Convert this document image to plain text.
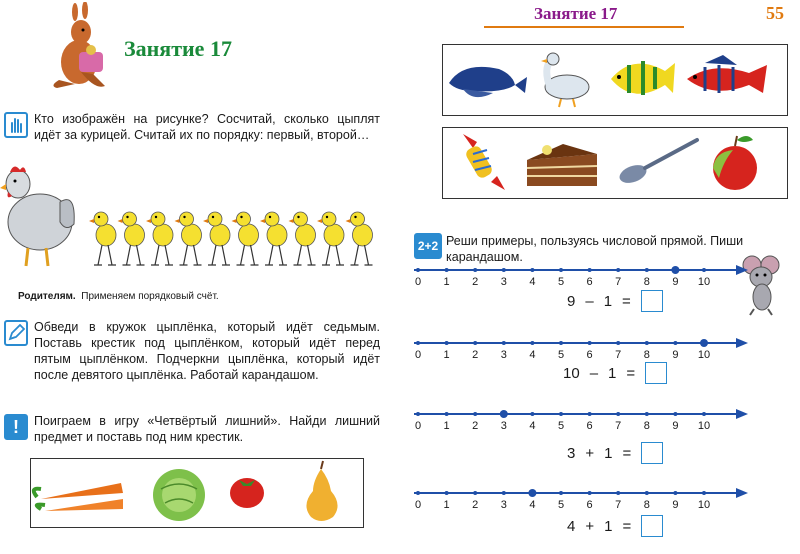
Занятие 17
Кто изображён на рисунке? Сосчитай, сколько цыплят идёт за курицей. Считай их по порядку: первый, второй…
Родителям. Применяем порядковый счёт.
Обведи в кружок цыплёнка, который идёт седьмым. Поставь крестик под цыплёнком, который идёт перед пятым цыплёнком. Подчеркни цыплёнка, который идёт после девятого цыплёнка. Работай карандашом.
!	Поиграем в игру «Четвёртый лишний». Найди лишний предмет и поставь под ним крестик.
Занятие 17	55
2+2 Реши примеры, пользуясь числовой прямой. Пиши карандашом.
0	1	2	3	4	5	6	7	8	9	10
9 – 1 =
0	1	2	3	4	5	6	7	8	9	10
10 – 1 =
0	1	2	3	4	5	6	7	8	9	10
3 + 1 =
0	1	2	3	4	5	6	7	8	9	10
4 + 1 =
